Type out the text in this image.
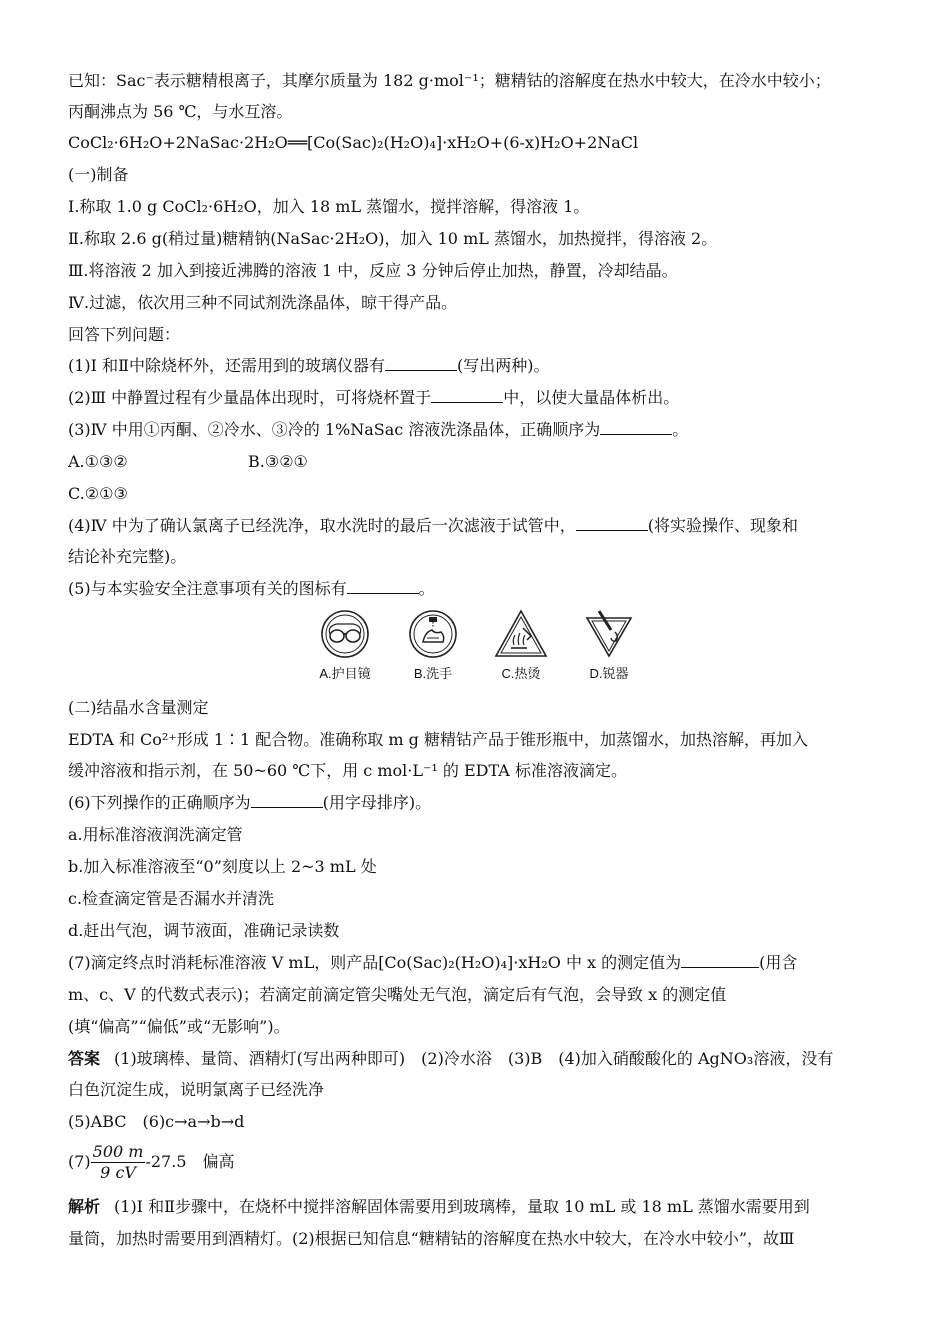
已知：Sac⁻表示糖精根离子，其摩尔质量为 182 g·mol⁻¹；糖精钴的溶解度在热水中较大，在冷水中较小；
丙酮沸点为 56 ℃，与水互溶。
CoCl₂·6H₂O+2NaSac·2H₂O══[Co(Sac)₂(H₂O)₄]·xH₂O+(6-x)H₂O+2NaCl
(一)制备
Ⅰ.称取 1.0 g CoCl₂·6H₂O，加入 18 mL 蒸馏水，搅拌溶解，得溶液 1。
Ⅱ.称取 2.6 g(稍过量)糖精钠(NaSac·2H₂O)，加入 10 mL 蒸馏水，加热搅拌，得溶液 2。
Ⅲ.将溶液 2 加入到接近沸腾的溶液 1 中，反应 3 分钟后停止加热，静置，冷却结晶。
Ⅳ.过滤，依次用三种不同试剂洗涤晶体，晾干得产品。
回答下列问题：
(1)Ⅰ 和Ⅱ中除烧杯外，还需用到的玻璃仪器有	(写出两种)。
(2)Ⅲ 中静置过程有少量晶体出现时，可将烧杯置于	中，以使大量晶体析出。
(3)Ⅳ 中用①丙酮、②冷水、③冷的 1%NaSac 溶液洗涤晶体，正确顺序为	。
A.①③②	B.③②①
C.②①③
(4)Ⅳ 中为了确认氯离子已经洗净，取水洗时的最后一次滤液于试管中，	(将实验操作、现象和
结论补充完整)。
(5)与本实验安全注意事项有关的图标有	。
A.护目镜	B.洗手	C.热烫	D.锐器
(二)结晶水含量测定
EDTA 和 Co²⁺形成 1∶1 配合物。准确称取 m g 糖精钴产品于锥形瓶中，加蒸馏水，加热溶解，再加入
缓冲溶液和指示剂，在 50~60 ℃下，用 c mol·L⁻¹ 的 EDTA 标准溶液滴定。
(6)下列操作的正确顺序为	(用字母排序)。
a.用标准溶液润洗滴定管
b.加入标准溶液至“0”刻度以上 2~3 mL 处
c.检查滴定管是否漏水并清洗
d.赶出气泡，调节液面，准确记录读数
(7)滴定终点时消耗标准溶液 V mL，则产品[Co(Sac)₂(H₂O)₄]·xH₂O 中 x 的测定值为	(用含
m、c、V 的代数式表示)；若滴定前滴定管尖嘴处无气泡，滴定后有气泡，会导致 x 的测定值
(填“偏高”“偏低”或“无影响”)。
答案 (1)玻璃棒、量筒、酒精灯(写出两种即可)　(2)冷水浴　(3)B　(4)加入硝酸酸化的 AgNO₃溶液，没有
白色沉淀生成，说明氯离子已经洗净
(5)ABC　(6)c→a→b→d
$(7) \frac{500 m}{9 cV} -27.5$　偏高
解析 (1)Ⅰ 和Ⅱ步骤中，在烧杯中搅拌溶解固体需要用到玻璃棒，量取 10 mL 或 18 mL 蒸馏水需要用到
量筒，加热时需要用到酒精灯。(2)根据已知信息“糖精钴的溶解度在热水中较大，在冷水中较小”，故Ⅲ
